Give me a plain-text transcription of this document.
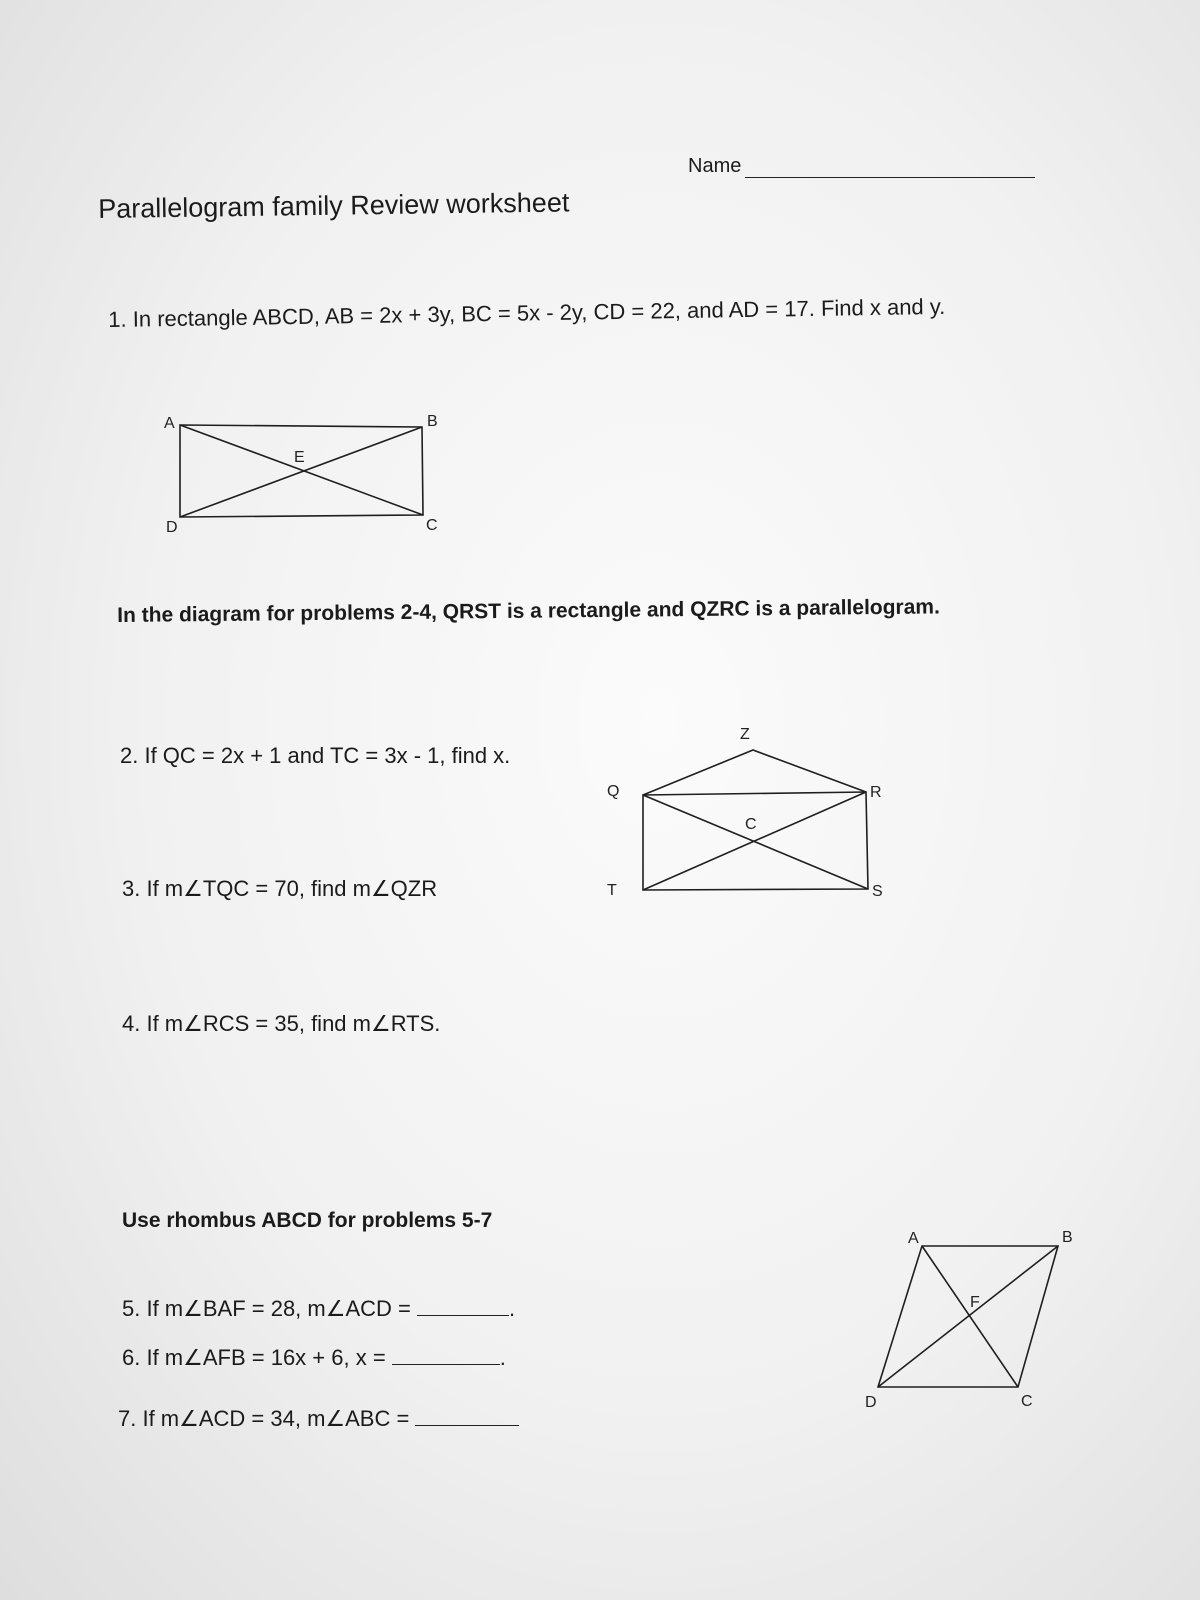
Name
Parallelogram family Review worksheet
1. In rectangle ABCD, AB = 2x + 3y, BC = 5x - 2y, CD = 22, and AD = 17. Find x and y.
A	B
E
D	C
In the diagram for problems 2-4, QRST is a rectangle and QZRC is a parallelogram.
2. If QC = 2x + 1 and TC = 3x - 1, find x.
3. If m∠TQC = 70, find m∠QZR
4. If m∠RCS = 35, find m∠RTS.
Z
Q	R
C
T	S
Use rhombus ABCD for problems 5-7
5. If m∠BAF = 28, m∠ACD =	.
6. If m∠AFB = 16x + 6, x =	.
7. If m∠ACD = 34, m∠ABC =
A	B
F
D	C
